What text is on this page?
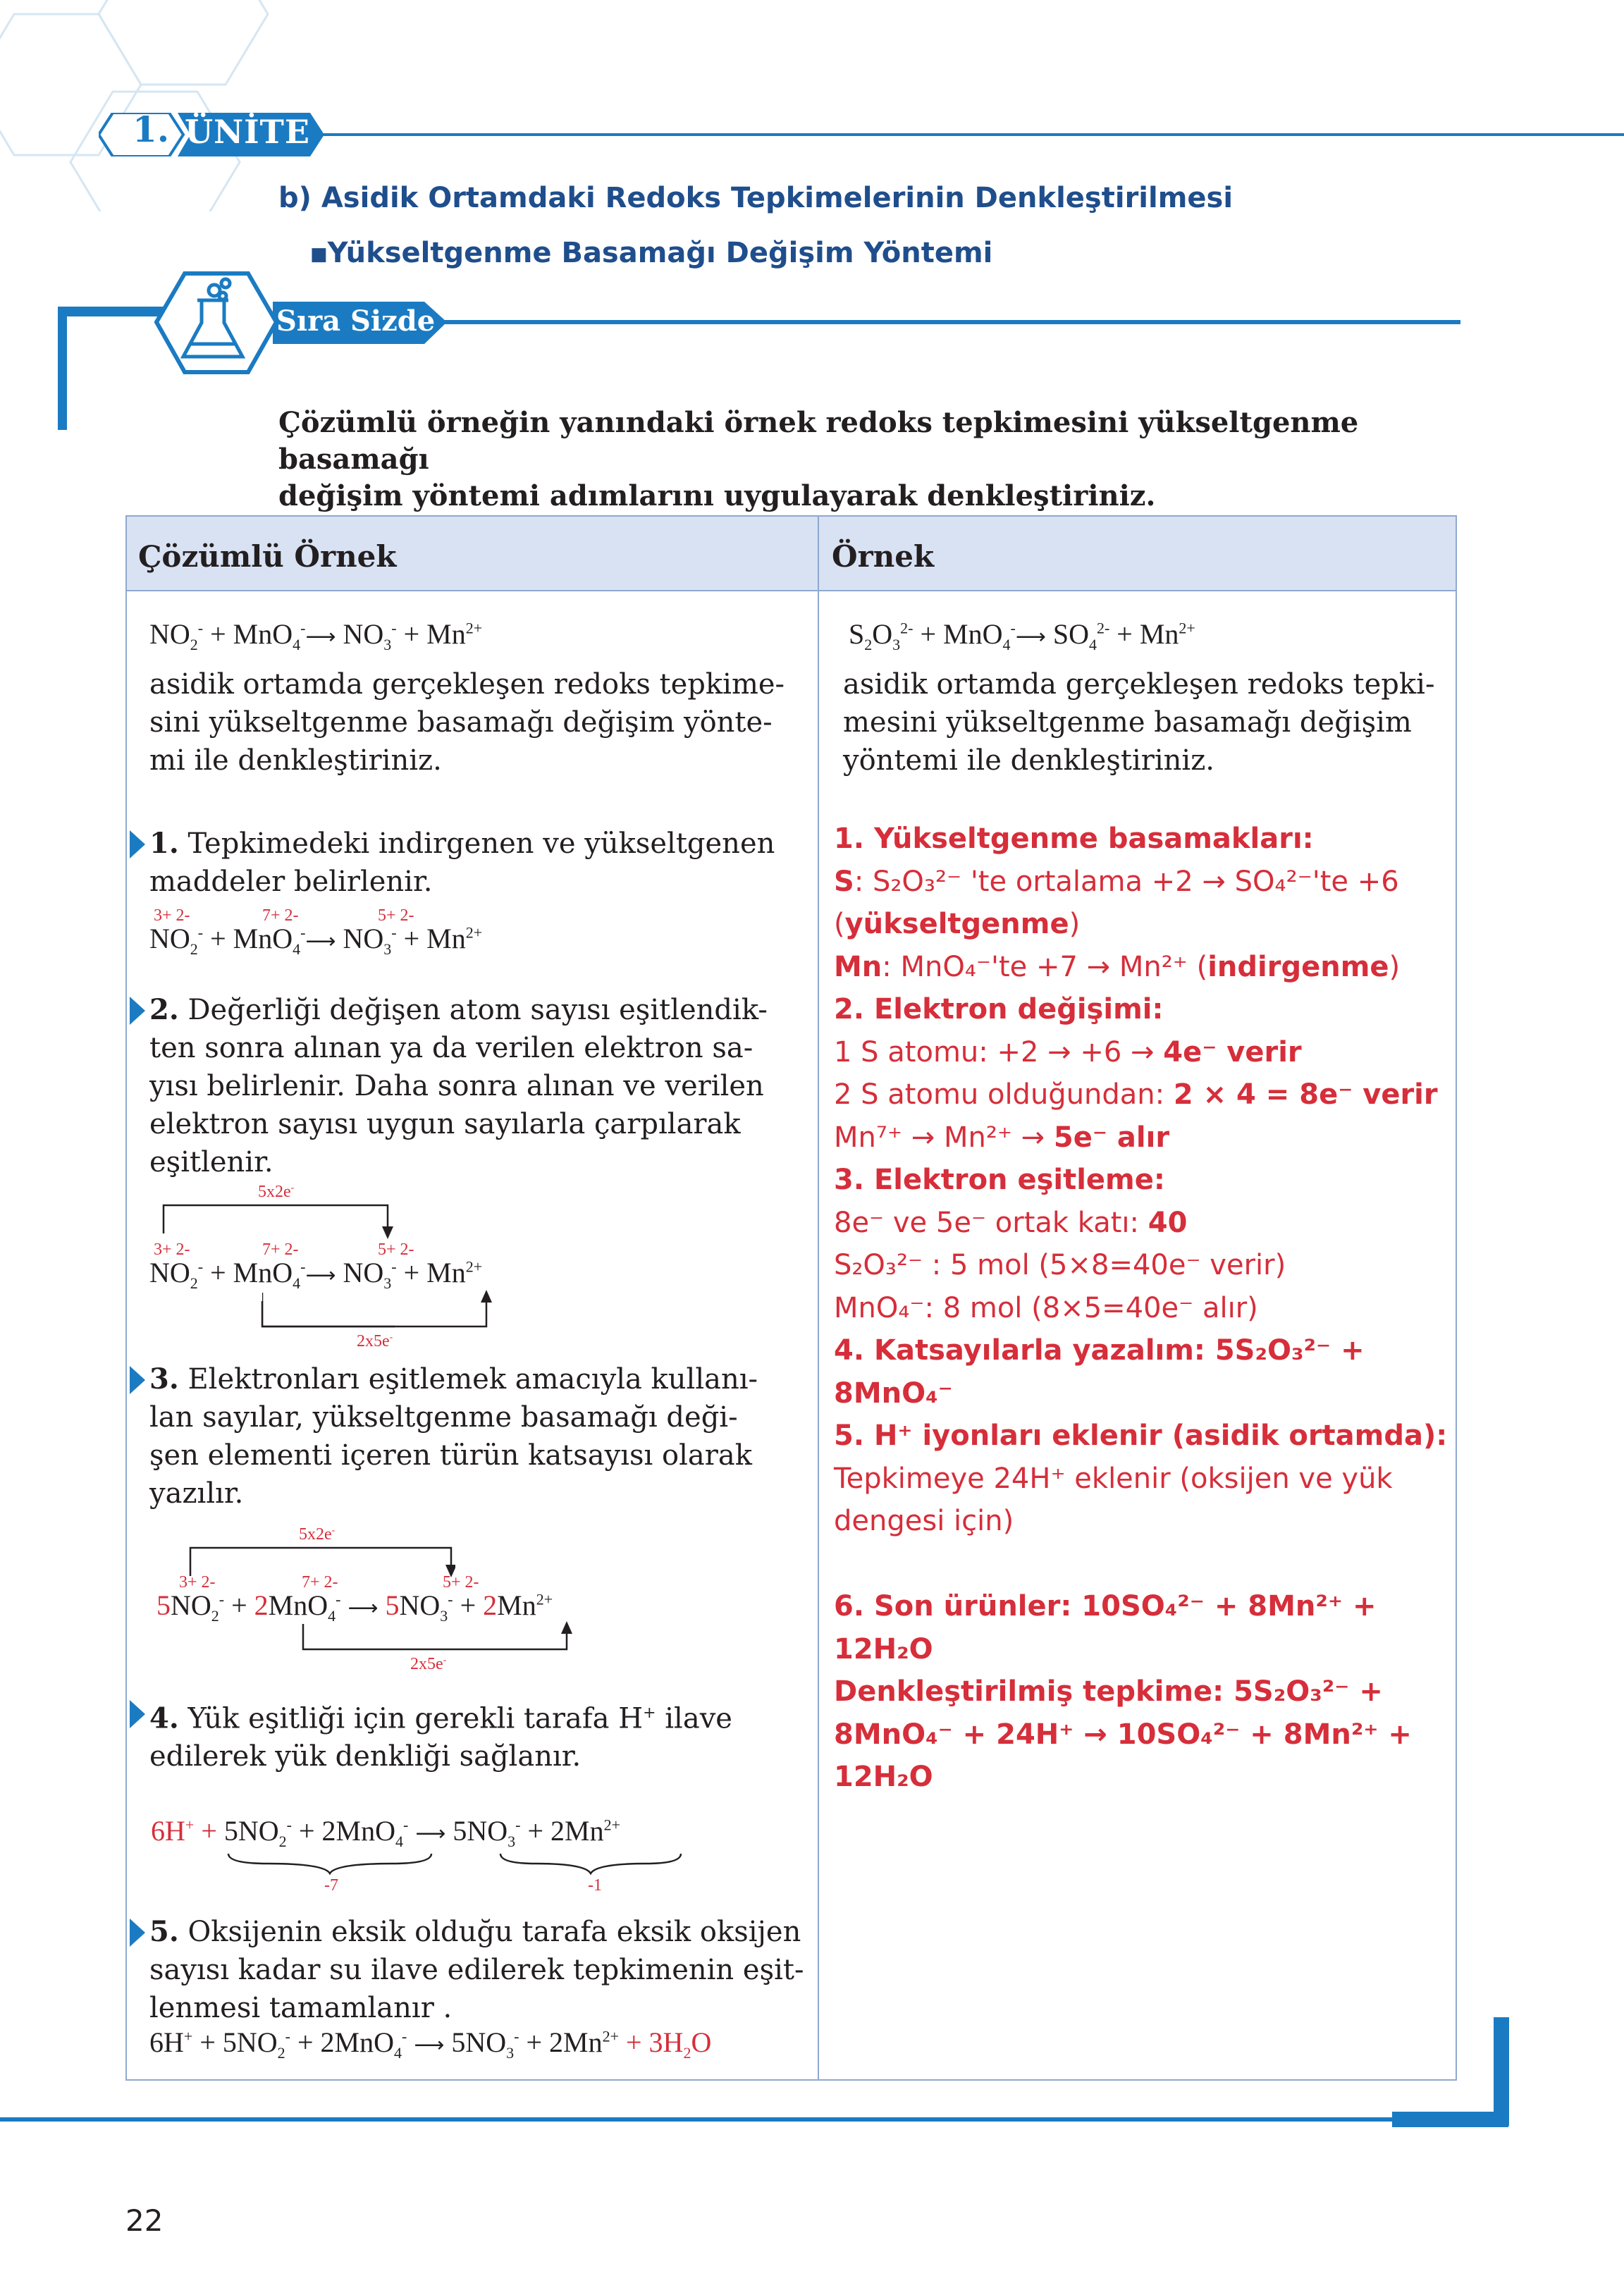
1. ÜNİTE
b) Asidik Ortamdaki Redoks Tepkimelerinin Denkleştirilmesi
■Yükseltgenme Basamağı Değişim Yöntemi
Sıra Sizde
Çözümlü örneğin yanındaki örnek redoks tepkimesini yükseltgenme basamağı
değişim yöntemi adımlarını uygulayarak denkleştiriniz.
Çözümlü Örnek	Örnek
$NO_2^-$ + MnO$_4$-⟶ $NO_3^- + Mn^{2+}$
asidik ortamda gerçekleşen redoks tepkime-
sini yükseltgenme basamağı değişim yönte-
mi ile denkleştiriniz.
1. Tepkimedeki indirgenen ve yükseltgenen
maddeler belirlenir.
3+ 2-	7+ 2-	5+ 2-
$NO_2^-$ + MnO$_4$-⟶ $NO_3^- + Mn^{2+}$
2. Değerliği değişen atom sayısı eşitlendik-
ten sonra alınan ya da verilen elektron sa-
yısı belirlenir. Daha sonra alınan ve verilen
elektron sayısı uygun sayılarla çarpılarak
eşitlenir.
5x2e-
3+ 2-	7+ 2-	5+ 2-
$NO_2^-$ + MnO$_4$-⟶ $NO_3^- + Mn^{2+}$
2x5e-
3. Elektronları eşitlemek amacıyla kullanı-
lan sayılar, yükseltgenme basamağı deği-
şen elementi içeren türün katsayısı olarak
yazılır.
5x2e-
3+ 2-	7+ 2-	5+ 2-
$5NO_2^- + 2MnO_4^-$ ⟶ $5NO_3^- + 2Mn^{2+}$
2x5e-
4. Yük eşitliği için gerekli tarafa H+ ilave
edilerek yük denkliği sağlanır.
$6H^+ + 5NO_2^- + 2MnO_4^-$ ⟶ $5NO_3^- + 2Mn^{2+}$
-7	-1
5. Oksijenin eksik olduğu tarafa eksik oksijen
sayısı kadar su ilave edilerek tepkimenin eşit-
lenmesi tamamlanır .
$6H^+ + 5NO_2^- + 2MnO_4^-$ ⟶ $5NO_3^- + 2Mn^{2+} + 3H_2O$
$S_2O_3^{2-}$ + MnO$_4$-⟶ $SO_4^{2-} + Mn^{2+}$
asidik ortamda gerçekleşen redoks tepki-
mesini yükseltgenme basamağı değişim
yöntemi ile denkleştiriniz.

1. Yükseltgenme basamakları:

S: S₂O₃²⁻ 'te ortalama +2 → SO₄²⁻'te +6

(yükseltgenme)

Mn: MnO₄⁻'te +7 → Mn²⁺ (indirgenme)

2. Elektron değişimi:

1 S atomu: +2 → +6 → 4e⁻ verir

2 S atomu olduğundan: 2 × 4 = 8e⁻ verir

Mn⁷⁺ → Mn²⁺ → 5e⁻ alır

3. Elektron eşitleme:

8e⁻ ve 5e⁻ ortak katı: 40

S₂O₃²⁻ : 5 mol (5×8=40e⁻ verir)

MnO₄⁻: 8 mol (8×5=40e⁻ alır)

4. Katsayılarla yazalım: 5S₂O₃²⁻ +

8MnO₄⁻

5. H⁺ iyonları eklenir (asidik ortamda):

Tepkimeye 24H⁺ eklenir (oksijen ve yük

dengesi için)

6. Son ürünler: 10SO₄²⁻ + 8Mn²⁺ +

12H₂O

Denkleştirilmiş tepkime: 5S₂O₃²⁻ +

8MnO₄⁻ + 24H⁺ → 10SO₄²⁻ + 8Mn²⁺ +

12H₂O

22
